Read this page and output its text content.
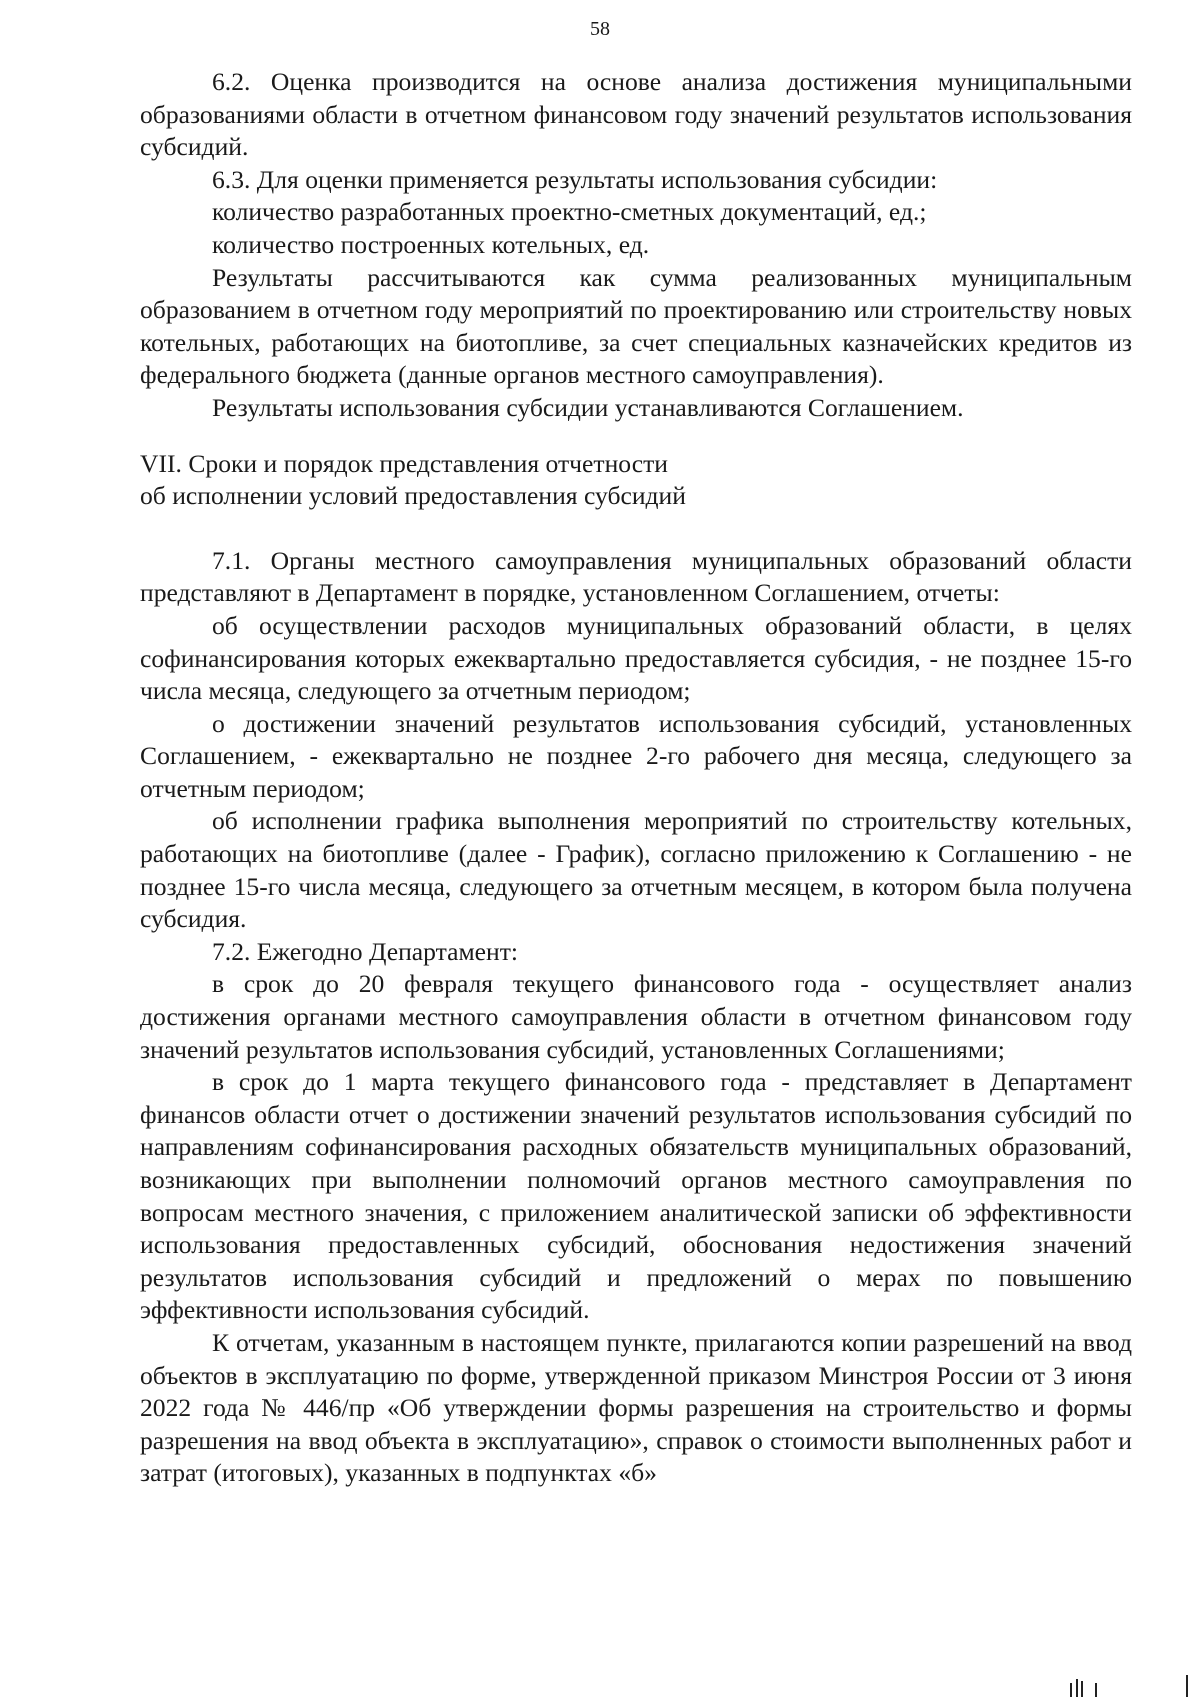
58

6.2. Оценка производится на основе анализа достижения муниципальными образованиями области в отчетном финансовом году значений результатов использования субсидий.

6.3. Для оценки применяется результаты использования субсидии:

количество разработанных проектно-сметных документаций, ед.;

количество построенных котельных, ед.

Результаты рассчитываются как сумма реализованных муниципальным образованием в отчетном году мероприятий по проектированию или строительству новых котельных, работающих на биотопливе, за счет специальных казначейских кредитов из федерального бюджета (данные органов местного самоуправления).

Результаты использования субсидии устанавливаются Соглашением.

VII. Сроки и порядок представления отчетности

об исполнении условий предоставления субсидий

7.1. Органы местного самоуправления муниципальных образований области представляют в Департамент в порядке, установленном Соглашением, отчеты:

об осуществлении расходов муниципальных образований области, в целях софинансирования которых ежеквартально предоставляется субсидия, - не позднее 15-го числа месяца, следующего за отчетным периодом;

о достижении значений результатов использования субсидий, установленных Соглашением, - ежеквартально не позднее 2-го рабочего дня месяца, следующего за отчетным периодом;

об исполнении графика выполнения мероприятий по строительству котельных, работающих на биотопливе (далее - График), согласно приложению к Соглашению - не позднее 15-го числа месяца, следующего за отчетным месяцем, в котором была получена субсидия.

7.2. Ежегодно Департамент:

в срок до 20 февраля текущего финансового года - осуществляет анализ достижения органами местного самоуправления области в отчетном финансовом году значений результатов использования субсидий, установленных Соглашениями;

в срок до 1 марта текущего финансового года - представляет в Департамент финансов области отчет о достижении значений результатов использования субсидий по направлениям софинансирования расходных обязательств муниципальных образований, возникающих при выполнении полномочий органов местного самоуправления по вопросам местного значения, с приложением аналитической записки об эффективности использования предоставленных субсидий, обоснования недостижения значений результатов использования субсидий и предложений о мерах по повышению эффективности использования субсидий.

К отчетам, указанным в настоящем пункте, прилагаются копии разрешений на ввод объектов в эксплуатацию по форме, утвержденной приказом Минстроя России от 3 июня 2022 года № 446/пр «Об утверждении формы разрешения на строительство и формы разрешения на ввод объекта в эксплуатацию», справок о стоимости выполненных работ и затрат (итоговых), указанных в подпунктах «б»
